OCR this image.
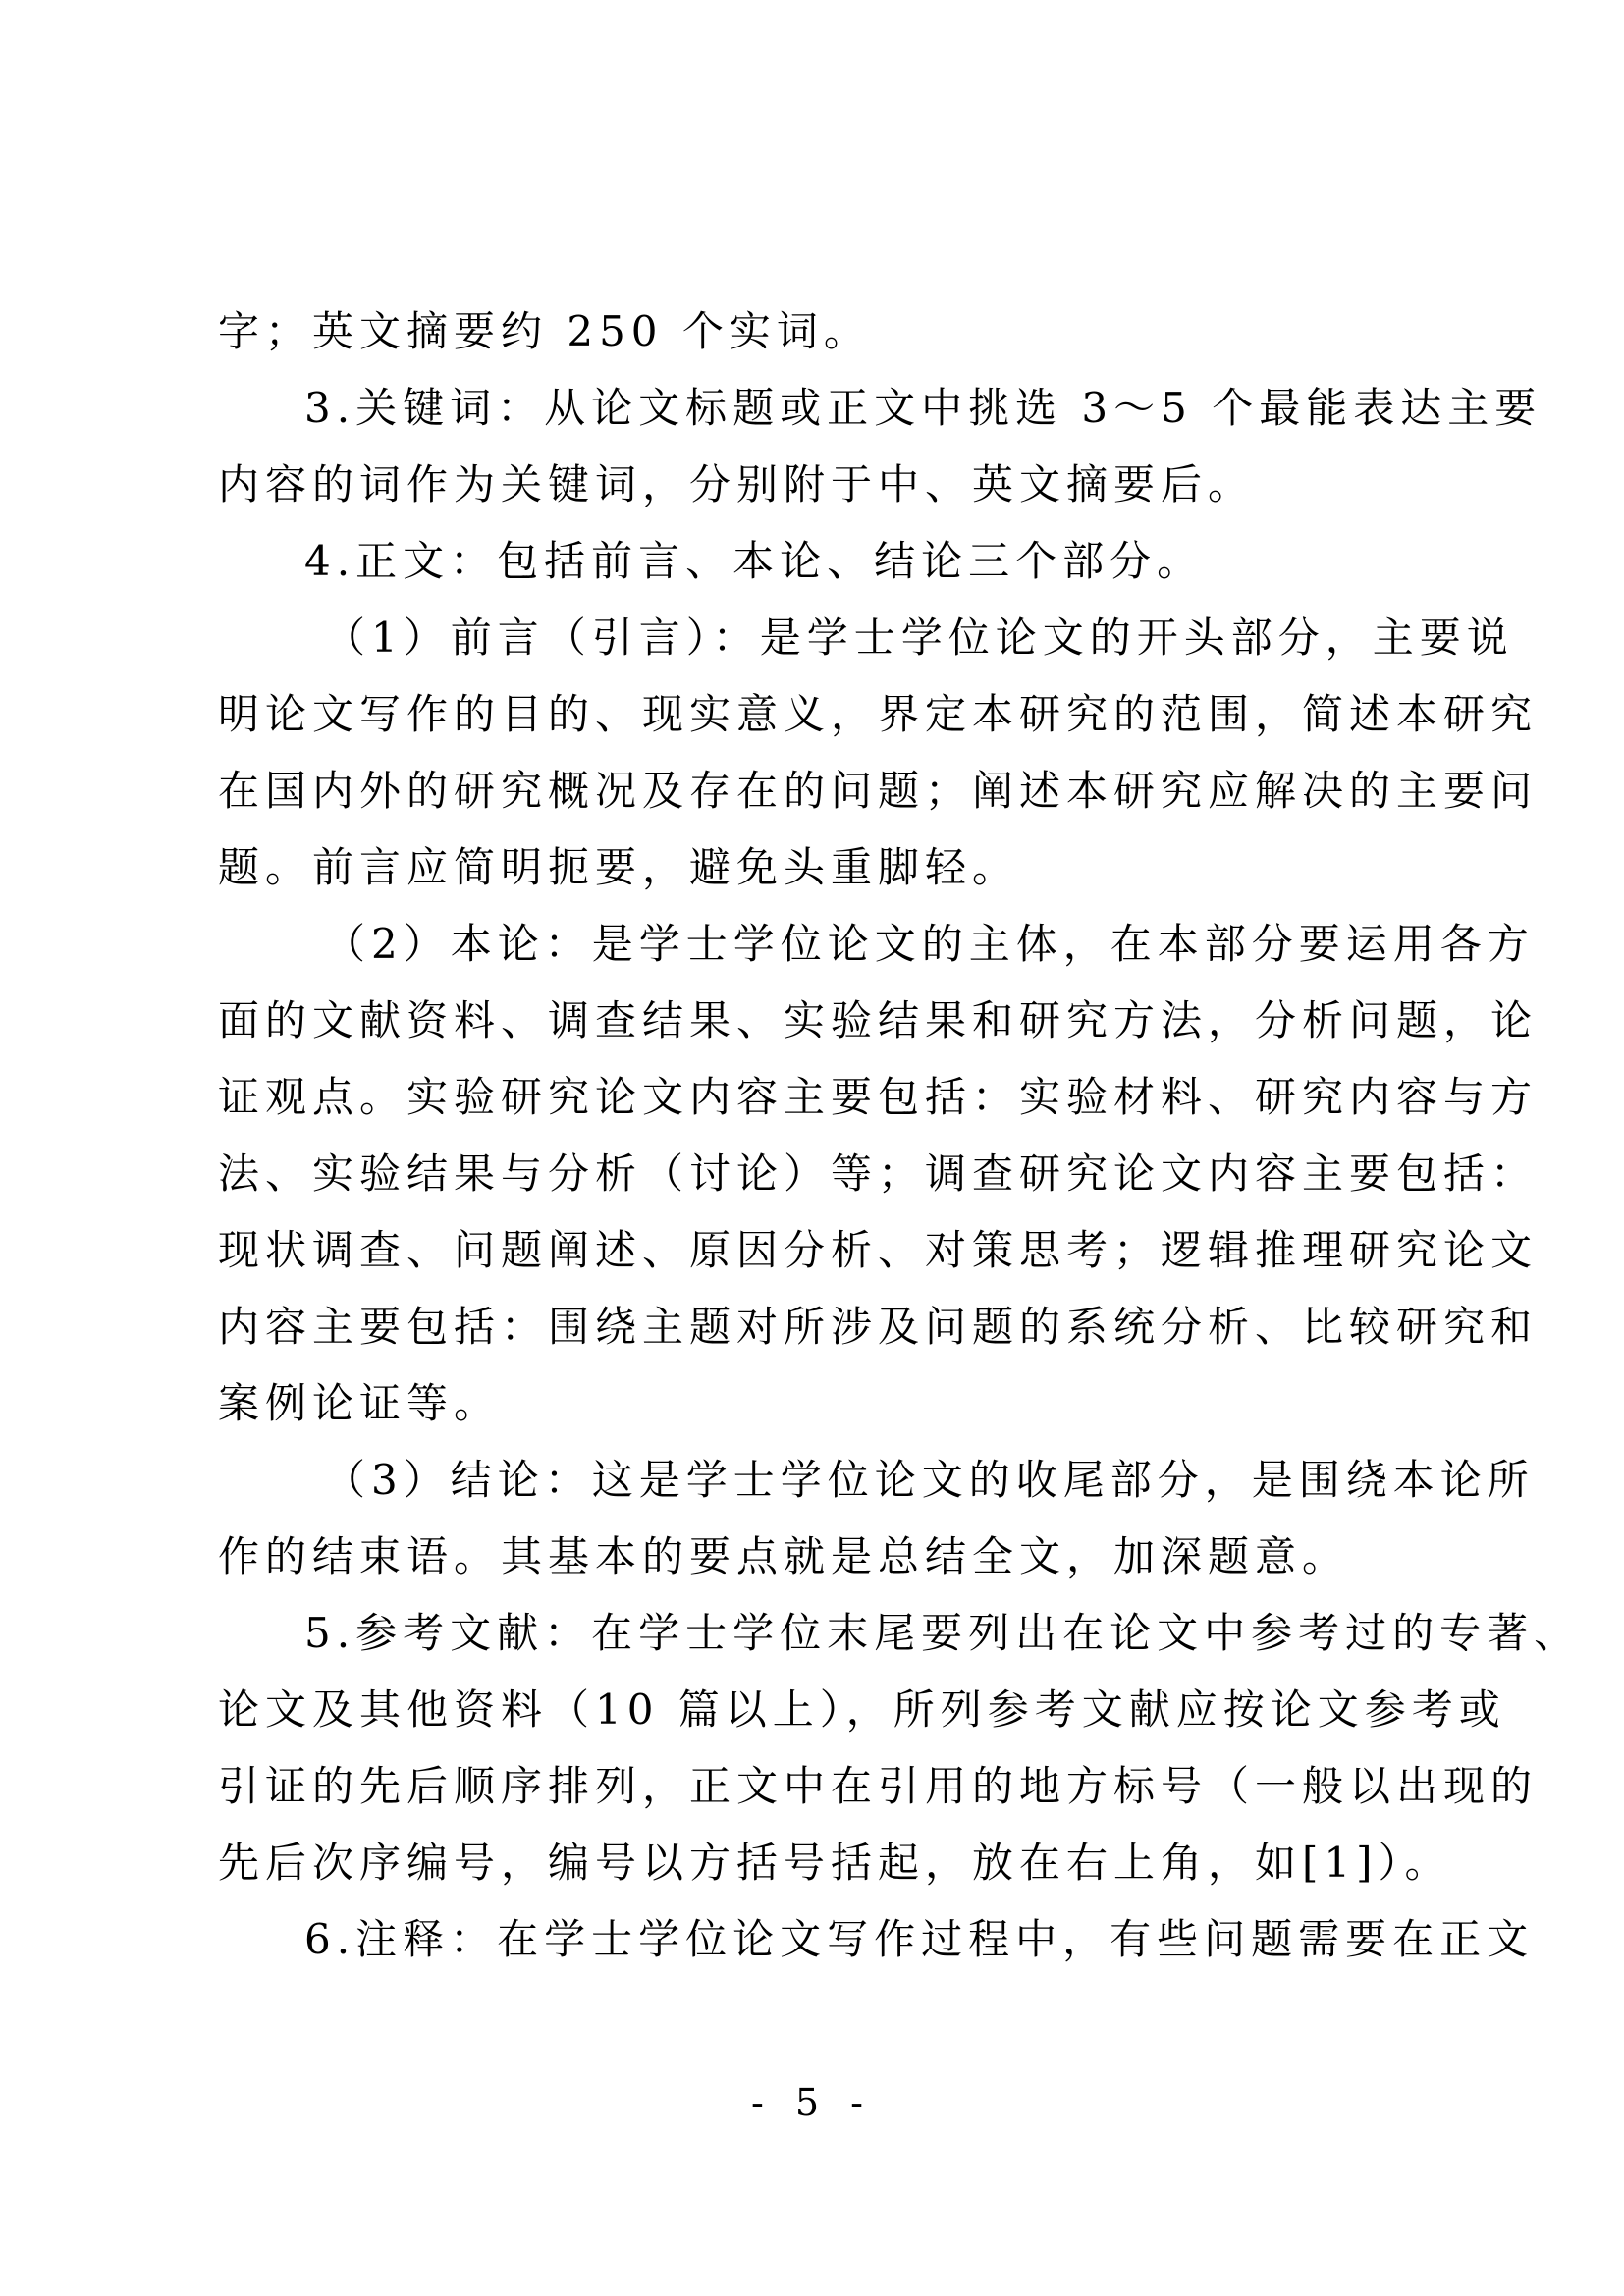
字；英文摘要约 250 个实词。
3.关键词：从论文标题或正文中挑选 3～5 个最能表达主要
内容的词作为关键词，分别附于中、英文摘要后。
4.正文：包括前言、本论、结论三个部分。
（1）前言（引言）：是学士学位论文的开头部分，主要说
明论文写作的目的、现实意义，界定本研究的范围，简述本研究
在国内外的研究概况及存在的问题；阐述本研究应解决的主要问
题。前言应简明扼要，避免头重脚轻。
（2）本论：是学士学位论文的主体，在本部分要运用各方
面的文献资料、调查结果、实验结果和研究方法，分析问题，论
证观点。实验研究论文内容主要包括：实验材料、研究内容与方
法、实验结果与分析（讨论）等；调查研究论文内容主要包括：
现状调查、问题阐述、原因分析、对策思考；逻辑推理研究论文
内容主要包括：围绕主题对所涉及问题的系统分析、比较研究和
案例论证等。
（3）结论：这是学士学位论文的收尾部分，是围绕本论所
作的结束语。其基本的要点就是总结全文，加深题意。
5.参考文献：在学士学位末尾要列出在论文中参考过的专著、
论文及其他资料（10 篇以上），所列参考文献应按论文参考或
引证的先后顺序排列，正文中在引用的地方标号（一般以出现的
先后次序编号，编号以方括号括起，放在右上角，如[1]）。
6.注释：在学士学位论文写作过程中，有些问题需要在正文
- 5 -
